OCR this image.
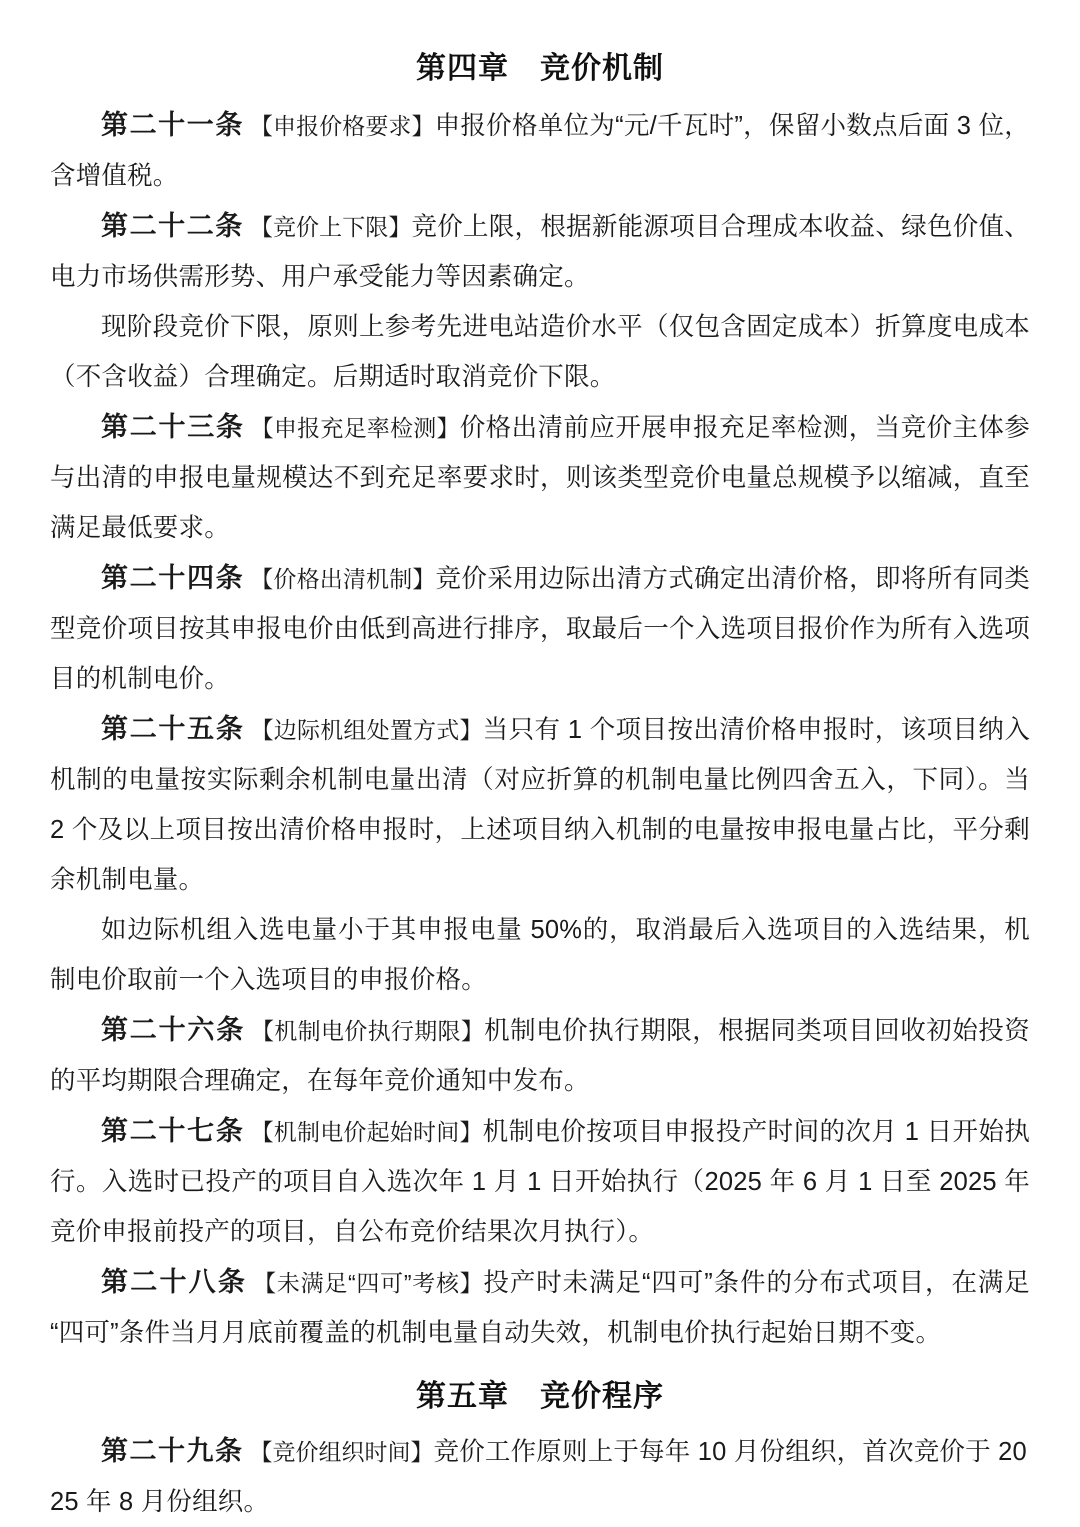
第四章　竞价机制

第二十一条 【申报价格要求】申报价格单位为“元/千瓦时”，保留小数点后面 3 位，含增值税。

第二十二条 【竞价上下限】竞价上限，根据新能源项目合理成本收益、绿色价值、电力市场供需形势、用户承受能力等因素确定。

现阶段竞价下限，原则上参考先进电站造价水平（仅包含固定成本）折算度电成本（不含收益）合理确定。后期适时取消竞价下限。

第二十三条 【申报充足率检测】价格出清前应开展申报充足率检测，当竞价主体参与出清的申报电量规模达不到充足率要求时，则该类型竞价电量总规模予以缩减，直至满足最低要求。

第二十四条 【价格出清机制】竞价采用边际出清方式确定出清价格，即将所有同类型竞价项目按其申报电价由低到高进行排序，取最后一个入选项目报价作为所有入选项目的机制电价。

第二十五条 【边际机组处置方式】当只有 1 个项目按出清价格申报时，该项目纳入机制的电量按实际剩余机制电量出清（对应折算的机制电量比例四舍五入，下同）。当 2 个及以上项目按出清价格申报时，上述项目纳入机制的电量按申报电量占比，平分剩余机制电量。

如边际机组入选电量小于其申报电量 50%的，取消最后入选项目的入选结果，机制电价取前一个入选项目的申报价格。

第二十六条 【机制电价执行期限】机制电价执行期限，根据同类项目回收初始投资的平均期限合理确定，在每年竞价通知中发布。

第二十七条 【机制电价起始时间】机制电价按项目申报投产时间的次月 1 日开始执行。入选时已投产的项目自入选次年 1 月 1 日开始执行（2025 年 6 月 1 日至 2025 年竞价申报前投产的项目，自公布竞价结果次月执行）。

第二十八条 【未满足“四可”考核】投产时未满足“四可”条件的分布式项目，在满足“四可”条件当月月底前覆盖的机制电量自动失效，机制电价执行起始日期不变。

第五章　竞价程序

第二十九条 【竞价组织时间】竞价工作原则上于每年 10 月份组织，首次竞价于 2025 年 8 月份组织。
